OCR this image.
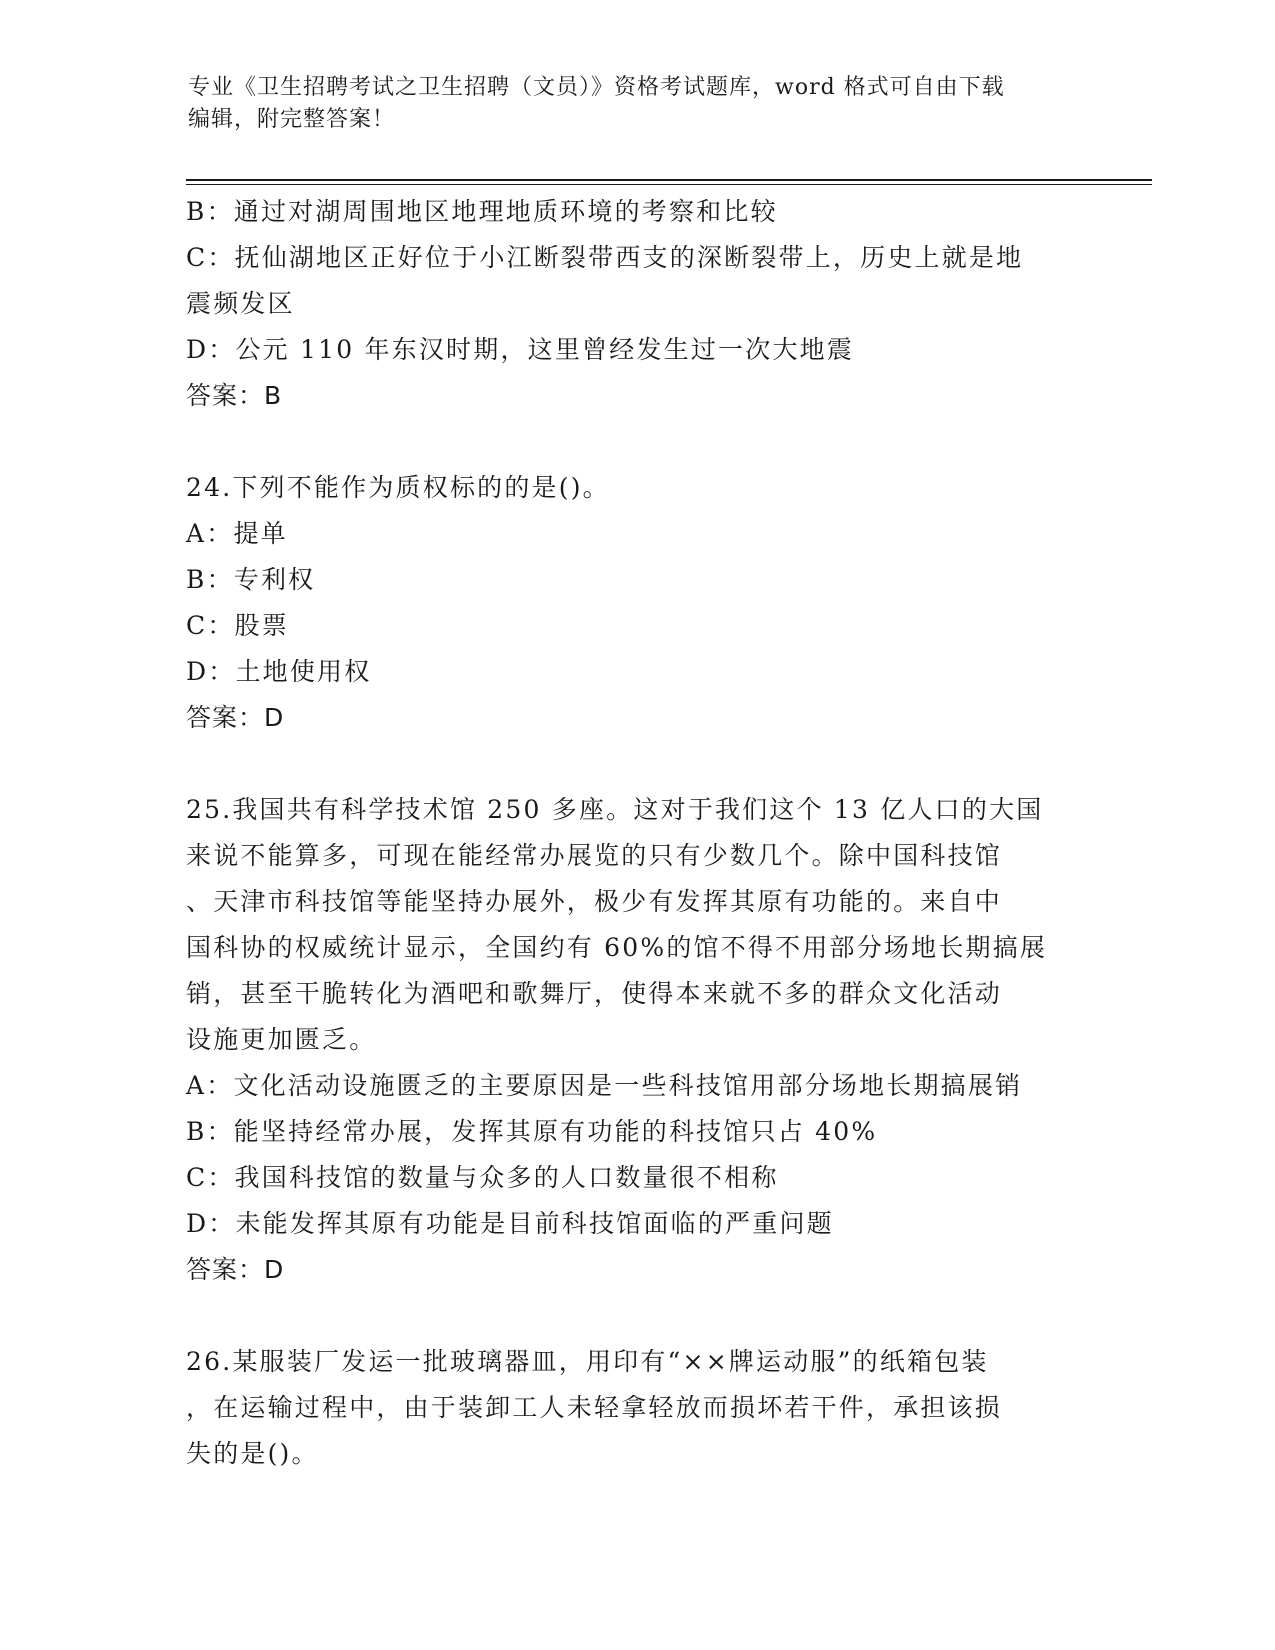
专业《卫生招聘考试之卫生招聘（文员）》资格考试题库，word 格式可自由下载
编辑，附完整答案！
B：通过对湖周围地区地理地质环境的考察和比较
C：抚仙湖地区正好位于小江断裂带西支的深断裂带上，历史上就是地
震频发区
D：公元 110 年东汉时期，这里曾经发生过一次大地震
答案：B
24.下列不能作为质权标的的是()。
A：提单
B：专利权
C：股票
D：土地使用权
答案：D
25.我国共有科学技术馆 250 多座。这对于我们这个 13 亿人口的大国
来说不能算多，可现在能经常办展览的只有少数几个。除中国科技馆
、天津市科技馆等能坚持办展外，极少有发挥其原有功能的。来自中
国科协的权威统计显示，全国约有 60%的馆不得不用部分场地长期搞展
销，甚至干脆转化为酒吧和歌舞厅，使得本来就不多的群众文化活动
设施更加匮乏。
A：文化活动设施匮乏的主要原因是一些科技馆用部分场地长期搞展销
B：能坚持经常办展，发挥其原有功能的科技馆只占 40%
C：我国科技馆的数量与众多的人口数量很不相称
D：未能发挥其原有功能是目前科技馆面临的严重问题
答案：D
26.某服装厂发运一批玻璃器皿，用印有“××牌运动服”的纸箱包装
，在运输过程中，由于装卸工人未轻拿轻放而损坏若干件，承担该损
失的是()。
